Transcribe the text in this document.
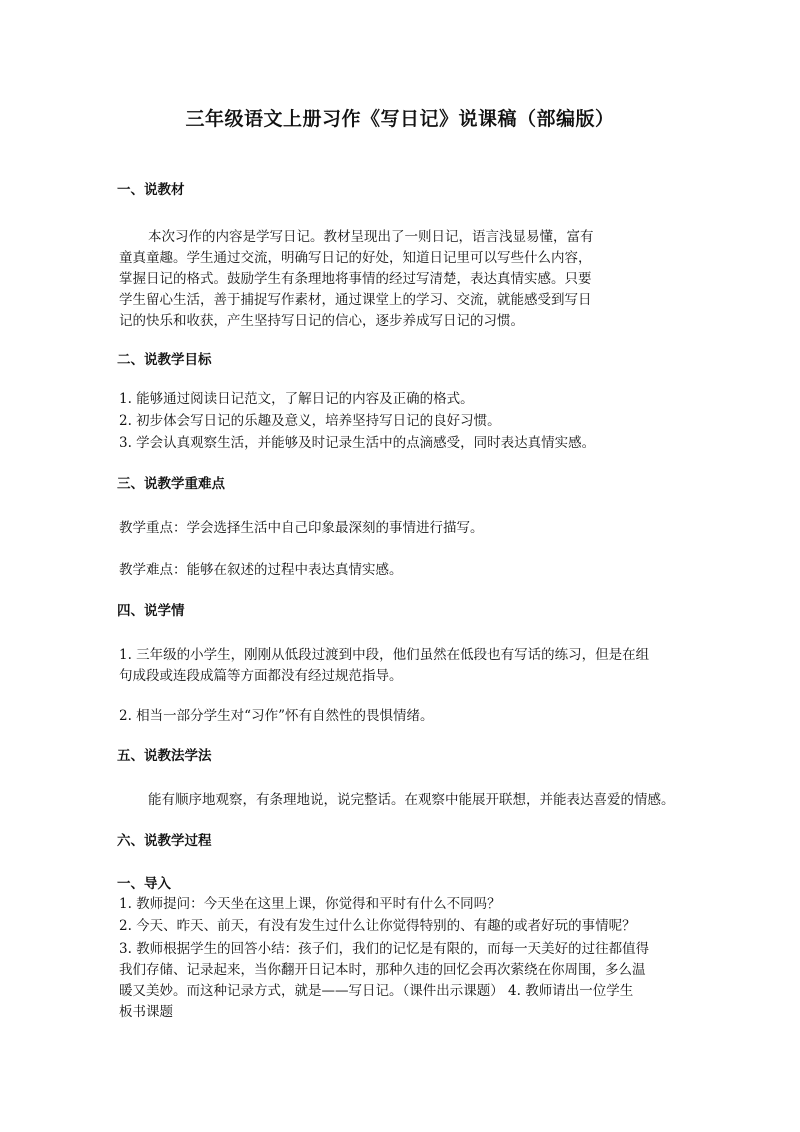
三年级语文上册习作《写日记》说课稿（部编版）
一、说教材
本次习作的内容是学写日记。教材呈现出了一则日记，语言浅显易懂，富有
童真童趣。学生通过交流，明确写日记的好处，知道日记里可以写些什么内容，
掌握日记的格式。鼓励学生有条理地将事情的经过写清楚，表达真情实感。只要
学生留心生活，善于捕捉写作素材，通过课堂上的学习、交流，就能感受到写日
记的快乐和收获，产生坚持写日记的信心，逐步养成写日记的习惯。
二、说教学目标
1. 能够通过阅读日记范文，了解日记的内容及正确的格式。
2. 初步体会写日记的乐趣及意义，培养坚持写日记的良好习惯。
3. 学会认真观察生活，并能够及时记录生活中的点滴感受，同时表达真情实感。
三、说教学重难点
教学重点：学会选择生活中自己印象最深刻的事情进行描写。
教学难点：能够在叙述的过程中表达真情实感。
四、说学情
1. 三年级的小学生，刚刚从低段过渡到中段，他们虽然在低段也有写话的练习，但是在组
句成段或连段成篇等方面都没有经过规范指导。
2. 相当一部分学生对“习作”怀有自然性的畏惧情绪。
五、说教法学法
能有顺序地观察，有条理地说，说完整话。在观察中能展开联想，并能表达喜爱的情感。
六、说教学过程
一、导入
1. 教师提问：今天坐在这里上课，你觉得和平时有什么不同吗？
2. 今天、昨天、前天，有没有发生过什么让你觉得特别的、有趣的或者好玩的事情呢？
3. 教师根据学生的回答小结：孩子们，我们的记忆是有限的，而每一天美好的过往都值得
我们存储、记录起来，当你翻开日记本时，那种久违的回忆会再次萦绕在你周围，多么温
暖又美妙。而这种记录方式，就是——写日记。（课件出示课题） 4. 教师请出一位学生
板书课题
